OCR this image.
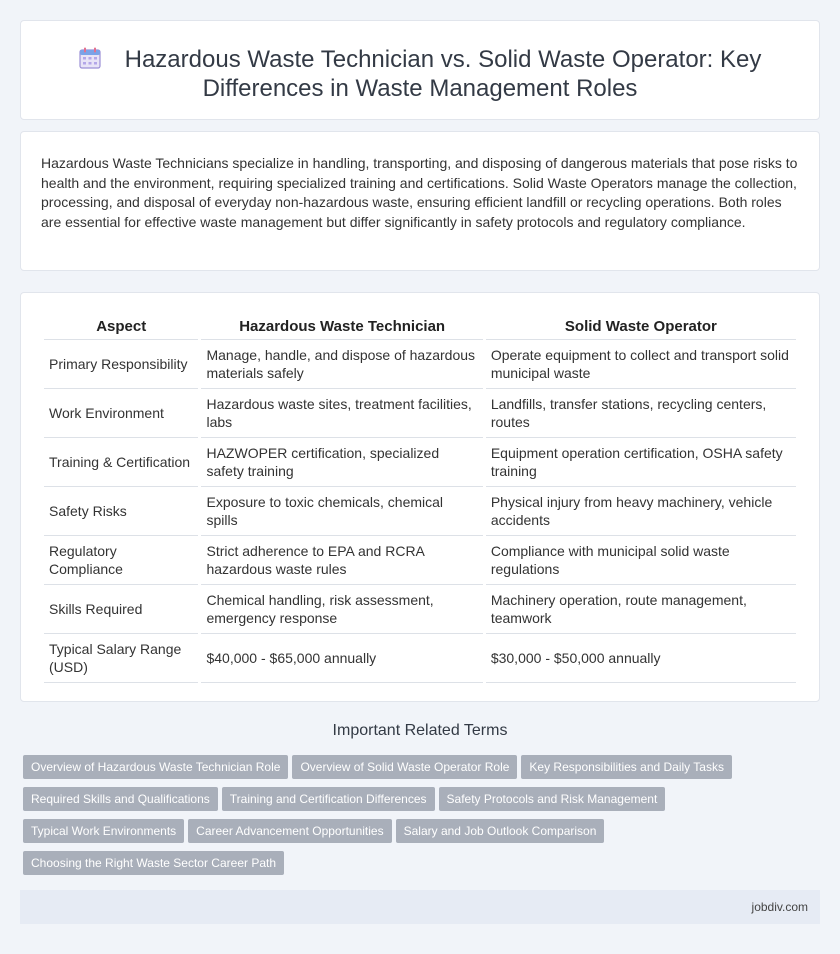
Hazardous Waste Technician vs. Solid Waste Operator: Key Differences in Waste Management Roles

Hazardous Waste Technicians specialize in handling, transporting, and disposing of dangerous materials that pose risks to health and the environment, requiring specialized training and certifications. Solid Waste Operators manage the collection, processing, and disposal of everyday non-hazardous waste, ensuring efficient landfill or recycling operations. Both roles are essential for effective waste management but differ significantly in safety protocols and regulatory compliance.

Aspect	Hazardous Waste Technician	Solid Waste Operator
Primary Responsibility	Manage, handle, and dispose of hazardous materials safely	Operate equipment to collect and transport solid municipal waste
Work Environment	Hazardous waste sites, treatment facilities, labs	Landfills, transfer stations, recycling centers, routes
Training & Certification	HAZWOPER certification, specialized safety training	Equipment operation certification, OSHA safety training
Safety Risks	Exposure to toxic chemicals, chemical spills	Physical injury from heavy machinery, vehicle accidents
Regulatory Compliance	Strict adherence to EPA and RCRA hazardous waste rules	Compliance with municipal solid waste regulations
Skills Required	Chemical handling, risk assessment, emergency response	Machinery operation, route management, teamwork
Typical Salary Range (USD)	$40,000 - $65,000 annually	$30,000 - $50,000 annually
Important Related Terms
Overview of Hazardous Waste Technician Role Overview of Solid Waste Operator Role Key Responsibilities and Daily Tasks
Required Skills and Qualifications Training and Certification Differences Safety Protocols and Risk Management
Typical Work Environments Career Advancement Opportunities Salary and Job Outlook Comparison
Choosing the Right Waste Sector Career Path
jobdiv.com
